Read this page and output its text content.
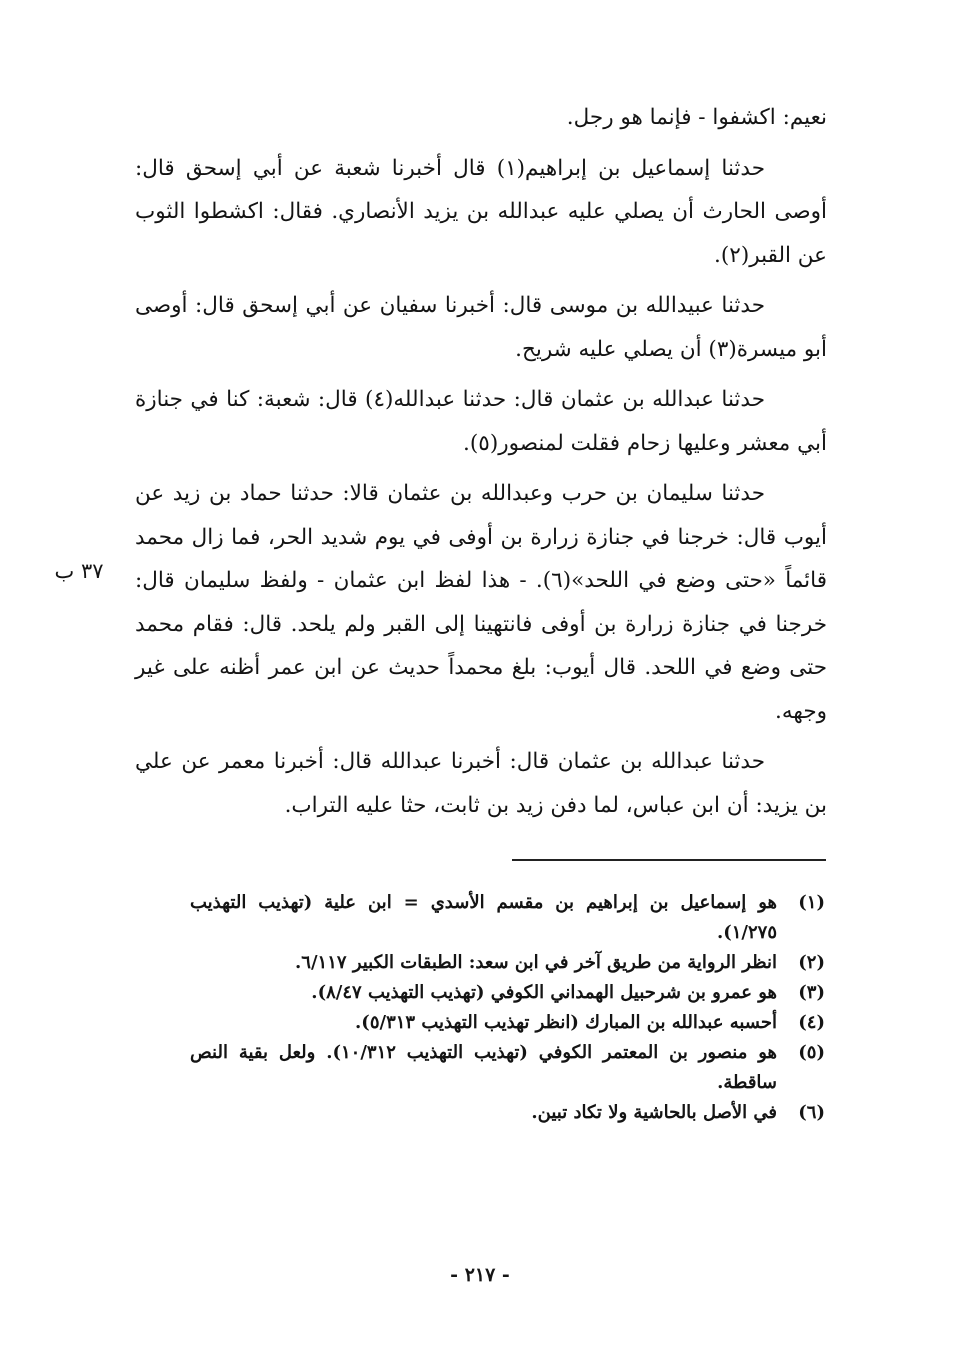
نعيم: اكشفوا - فإنما هو رجل.

حدثنا إسماعيل بن إبراهيم(١) قال أخبرنا شعبة عن أبي إسحق قال: أوصى الحارث أن يصلي عليه عبدالله بن يزيد الأنصاري. فقال: اكشطوا الثوب عن القبر(٢).

حدثنا عبيدالله بن موسى قال: أخبرنا سفيان عن أبي إسحق قال: أوصى أبو ميسرة(٣) أن يصلي عليه شريح.

حدثنا عبدالله بن عثمان قال: حدثنا عبدالله(٤) قال: شعبة: كنا في جنازة أبي معشر وعليها زحام فقلت لمنصور(٥).

حدثنا سليمان بن حرب وعبدالله بن عثمان قالا: حدثنا حماد بن زيد عن أيوب قال: خرجنا في جنازة زرارة بن أوفى في يوم شديد الحر، فما زال محمد قائماً «حتى وضع في اللحد»(٦). - هذا لفظ ابن عثمان - ولفظ سليمان قال: خرجنا في جنازة زرارة بن أوفى فانتهينا إلى القبر ولم يلحد. قال: فقام محمد حتى وضع في اللحد. قال أيوب: بلغ محمداً حديث عن ابن عمر أظنه على غير وجهه.

حدثنا عبدالله بن عثمان قال: أخبرنا عبدالله قال: أخبرنا معمر عن علي بن يزيد: أن ابن عباس، لما دفن زيد بن ثابت، حثا عليه التراب.

٣٧ ب
(١)
هو إسماعيل بن إبراهيم بن مقسم الأسدي = ابن علية (تهذيب التهذيب ١/٢٧٥).
(٢)
انظر الرواية من طريق آخر في ابن سعد: الطبقات الكبير ٦/١١٧.
(٣)
هو عمرو بن شرحبيل الهمداني الكوفي (تهذيب التهذيب ٨/٤٧).
(٤)
أحسبه عبدالله بن المبارك (انظر تهذيب التهذيب ٥/٣١٣).
(٥)
هو منصور بن المعتمر الكوفي (تهذيب التهذيب ١٠/٣١٢). ولعل بقية النص ساقطة.
(٦)
في الأصل بالحاشية ولا تكاد تبين.
- ٢١٧ -
